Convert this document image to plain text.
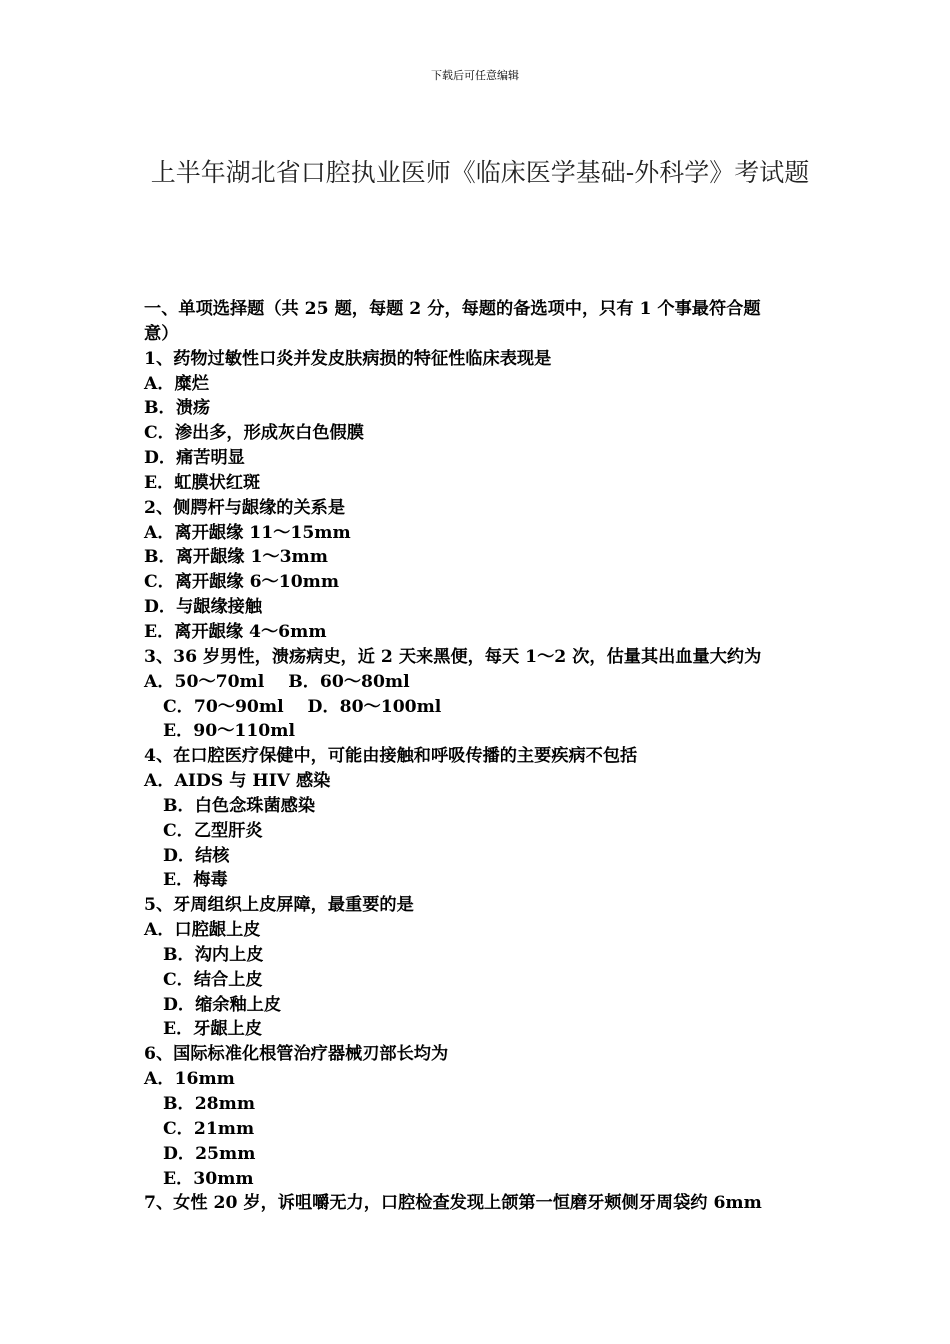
下载后可任意编辑
上半年湖北省口腔执业医师《临床医学基础-外科学》考试题
一、单项选择题（共 25 题，每题 2 分，每题的备选项中，只有 1 个事最符合题
意）
1、药物过敏性口炎并发皮肤病损的特征性临床表现是
A．糜烂
B．溃疡
C．渗出多，形成灰白色假膜
D．痛苦明显
E．虹膜状红斑
2、侧腭杆与龈缘的关系是
A．离开龈缘 11～15mm
B．离开龈缘 1～3mm
C．离开龈缘 6～10mm
D．与龈缘接触
E．离开龈缘 4～6mm
3、36 岁男性，溃疡病史，近 2 天来黑便，每天 1～2 次，估量其出血量大约为
A．50～70ml    B．60～80ml
C．70～90ml    D．80～100ml
E．90～110ml
4、在口腔医疗保健中，可能由接触和呼吸传播的主要疾病不包括
A．AIDS 与 HIV 感染
B．白色念珠菌感染
C．乙型肝炎
D．结核
E．梅毒
5、牙周组织上皮屏障，最重要的是
A．口腔龈上皮
B．沟内上皮
C．结合上皮
D．缩余釉上皮
E．牙龈上皮
6、国际标准化根管治疗器械刃部长均为
A．16mm
B．28mm
C．21mm
D．25mm
E．30mm
7、女性 20 岁，诉咀嚼无力，口腔检查发现上颌第一恒磨牙颊侧牙周袋约 6mm
